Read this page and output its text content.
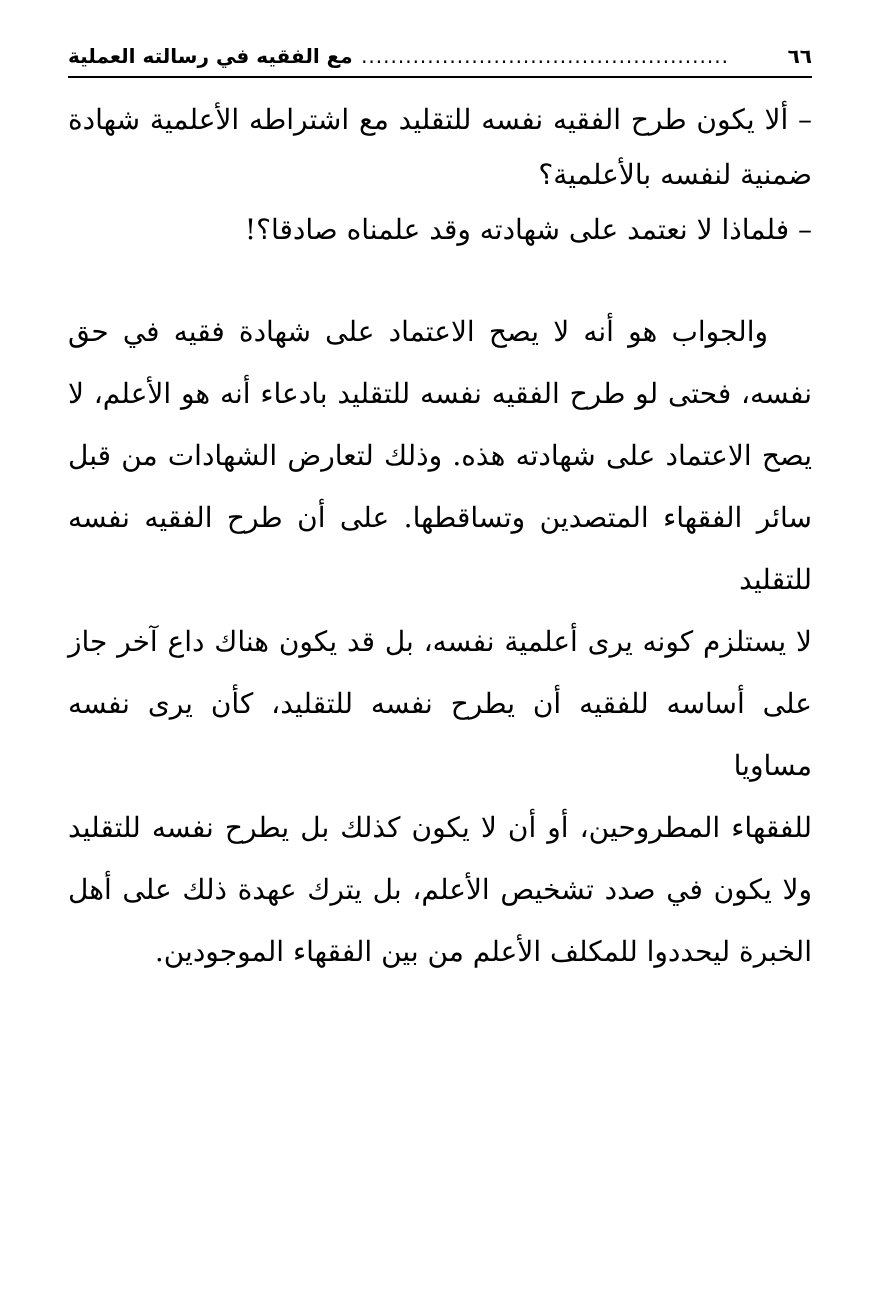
٦٦
..................................................
مع الفقيه في رسالته العملية

– ألا يكون طرح الفقيه نفسه للتقليد مع اشتراطه الأعلمية شهادة

ضمنية لنفسه بالأعلمية؟

– فلماذا لا نعتمد على شهادته وقد علمناه صادقا؟!

والجواب هو أنه لا يصح الاعتماد على شهادة فقيه في حق

نفسه، فحتى لو طرح الفقيه نفسه للتقليد بادعاء أنه هو الأعلم، لا

يصح الاعتماد على شهادته هذه. وذلك لتعارض الشهادات من قبل

سائر الفقهاء المتصدين وتساقطها. على أن طرح الفقيه نفسه للتقليد

لا يستلزم كونه يرى أعلمية نفسه، بل قد يكون هناك داع آخر جاز

على أساسه للفقيه أن يطرح نفسه للتقليد، كأن يرى نفسه مساويا

للفقهاء المطروحين، أو أن لا يكون كذلك بل يطرح نفسه للتقليد

ولا يكون في صدد تشخيص الأعلم، بل يترك عهدة ذلك على أهل

الخبرة ليحددوا للمكلف الأعلم من بين الفقهاء الموجودين.
